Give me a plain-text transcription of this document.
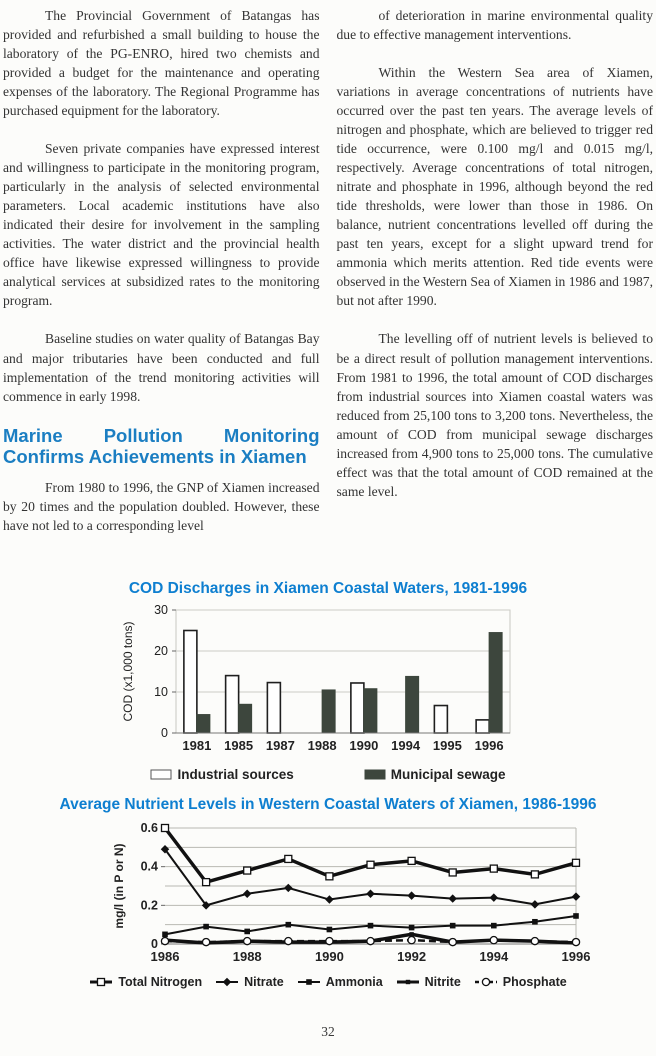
The Provincial Government of Batangas has provided and refurbished a small building to house the laboratory of the PG-ENRO, hired two chemists and provided a budget for the maintenance and operating expenses of the laboratory. The Regional Programme has purchased equipment for the laboratory.

Seven private companies have expressed interest and willingness to participate in the monitoring program, particularly in the analysis of selected environmental parameters. Local academic institutions have also indicated their desire for involvement in the sampling activities. The water district and the provincial health office have likewise expressed willingness to provide analytical services at subsidized rates to the monitoring program.

Baseline studies on water quality of Batangas Bay and major tributaries have been conducted and full implementation of the trend monitoring activities will commence in early 1998.

Marine Pollution Monitoring Confirms Achievements in Xiamen

From 1980 to 1996, the GNP of Xiamen increased by 20 times and the population doubled. However, these have not led to a corresponding level

of deterioration in marine environmental quality due to effective management interventions.

Within the Western Sea area of Xiamen, variations in average concentrations of nutrients have occurred over the past ten years. The average levels of nitrogen and phosphate, which are believed to trigger red tide occurrence, were 0.100 mg/l and 0.015 mg/l, respectively. Average concentrations of total nitrogen, nitrate and phosphate in 1996, although beyond the red tide thresholds, were lower than those in 1986. On balance, nutrient concentrations levelled off during the past ten years, except for a slight upward trend for ammonia which merits attention. Red tide events were observed in the Western Sea of Xiamen in 1986 and 1987, but not after 1990.

The levelling off of nutrient levels is believed to be a direct result of pollution management interventions. From 1981 to 1996, the total amount of COD discharges from industrial sources into Xiamen coastal waters was reduced from 25,100 tons to 3,200 tons. Nevertheless, the amount of COD from municipal sewage discharges increased from 4,900 tons to 25,000 tons. The cumulative effect was that the total amount of COD remained at the same level.

COD Discharges in Xiamen Coastal Waters, 1981-1996
0
10
20
30
COD (x1,000 tons)
1981 1985 1987 1988 1990 1994 1995 1996
Industrial sources	Municipal sewage
Average Nutrient Levels in Western Coastal Waters of Xiamen, 1986-1996
0
0.2
0.4
0.6
mg/l (in P or N)
1986	1988	1990	1992	1994	1996
Total Nitrogen	Nitrate	Ammonia	Nitrite	Phosphate
32
